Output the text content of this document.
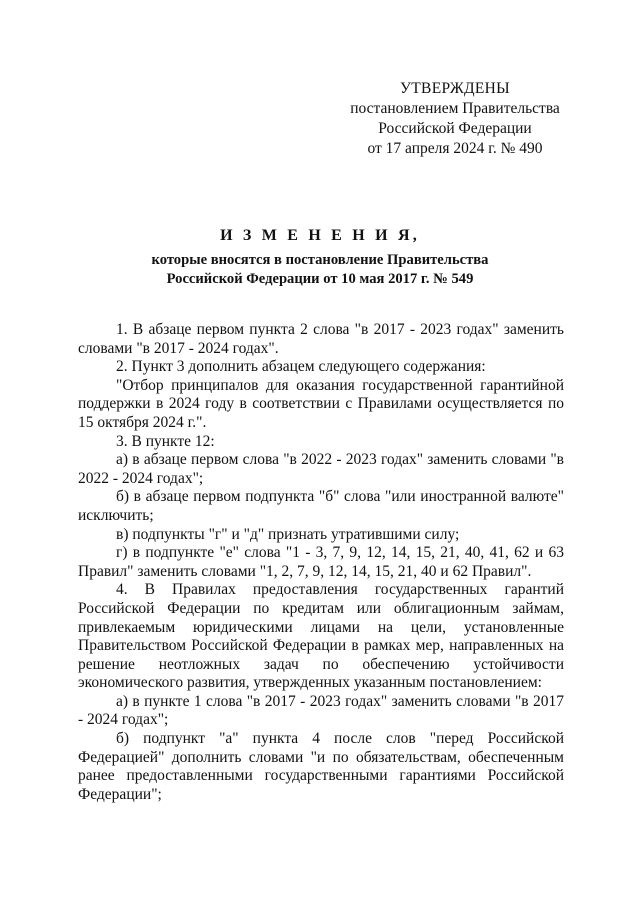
УТВЕРЖДЕНЫ
постановлением Правительства
Российской Федерации
от 17 апреля 2024 г. № 490
И З М Е Н Е Н И Я,
которые вносятся в постановление Правительства
Российской Федерации от 10 мая 2017 г. № 549

1. В абзаце первом пункта 2 слова "в 2017 - 2023 годах" заменить словами "в 2017 - 2024 годах".

2. Пункт 3 дополнить абзацем следующего содержания:

"Отбор принципалов для оказания государственной гарантийной поддержки в 2024 году в соответствии с Правилами осуществляется по 15 октября 2024 г.".

3. В пункте 12:

а) в абзаце первом слова "в 2022 - 2023 годах" заменить словами "в 2022 - 2024 годах";

б) в абзаце первом подпункта "б" слова "или иностранной валюте" исключить;

в) подпункты "г" и "д" признать утратившими силу;

г) в подпункте "е" слова "1 - 3, 7, 9, 12, 14, 15, 21, 40, 41, 62 и 63 Правил" заменить словами "1, 2, 7, 9, 12, 14, 15, 21, 40 и 62 Правил".

4. В Правилах предоставления государственных гарантий Российской Федерации по кредитам или облигационным займам, привлекаемым юридическими лицами на цели, установленные Правительством Российской Федерации в рамках мер, направленных на решение неотложных задач по обеспечению устойчивости экономического развития, утвержденных указанным постановлением:

а) в пункте 1 слова "в 2017 - 2023 годах" заменить словами "в 2017 - 2024 годах";

б) подпункт "а" пункта 4 после слов "перед Российской Федерацией" дополнить словами "и по обязательствам, обеспеченным ранее предоставленными государственными гарантиями Российской Федерации";
